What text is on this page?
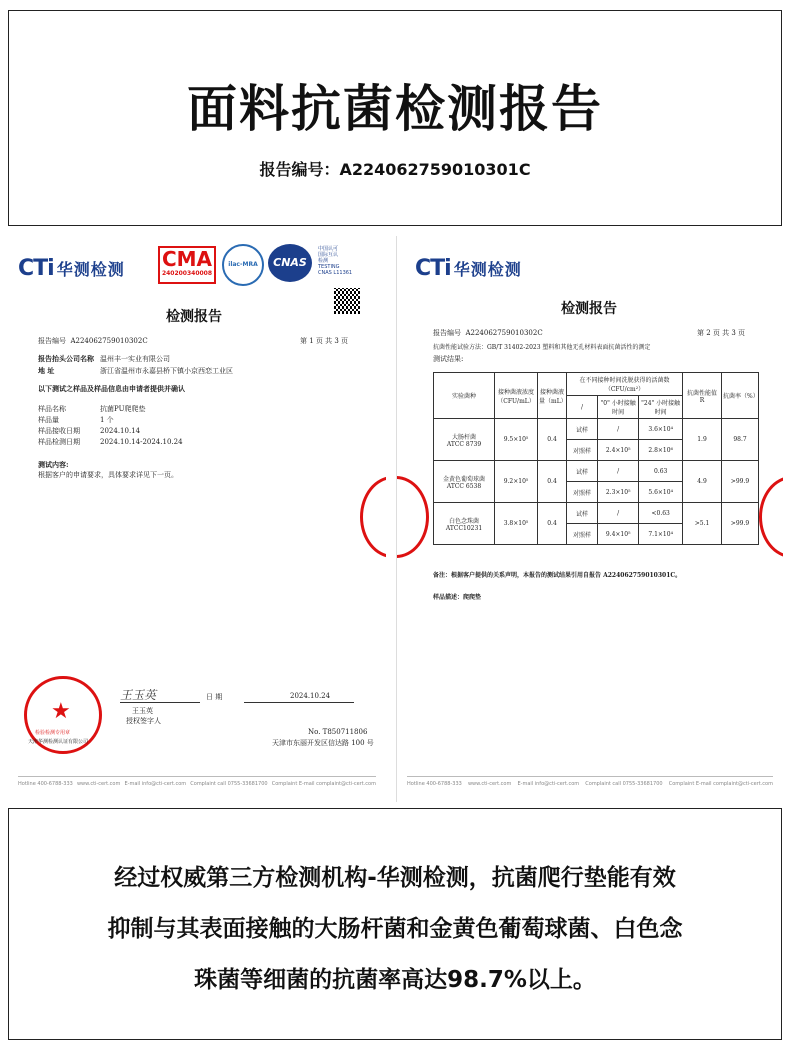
面料抗菌检测报告
报告编号：A224062759010301C
CTi 华测检测 CMA
240200340008
ilac-MRA	CNAS
中国认可
国际互认
检测
TESTING
CNAS L11361
检测报告
报告编号 A224062759010302C	第 1 页 共 3 页
报告抬头公司名称 温州丰一实业有限公司
地 址	浙江省温州市永嘉县桥下镇小京西恋工业区
以下测试之样品及样品信息由申请者提供并确认
样品名称	抗菌PU爬爬垫
样品量	1 个
样品接收日期	2024.10.14
样品检测日期	2024.10.14-2024.10.24
测试内容:
根据客户的申请要求，具体要求详见下一页。
王玉英	日 期	2024.10.24
王玉英
授权签字人
No. T850711806
天津市东丽开发区信达路 100 号
★
检验检测专用章
天津华测检测认证有限公司
Hotline 400-6788-333 www.cti-cert.com E-mail info@cti-cert.com Complaint call 0755-33681700 Complaint E-mail complaint@cti-cert.com
CTi 华测检测
检测报告
报告编号 A224062759010302C	第 2 页 共 3 页
抗菌性能试验方法：GB/T 31402-2023 塑料和其他无孔材料表面抗菌活性的测定
测试结果:
实验菌种	接种菌液浓度（CFU/mL）	接种菌液量（mL）	在不同接种时间洗脱获得的活菌数（CFU/cm²）			抗菌性能值 R	抗菌率（%）
			/	"0" 小时接触时间	"24" 小时接触时间		

大肠杆菌
ATCC 8739	9.5×10⁵	0.4	试样	/	3.6×10⁴	1.9	98.7
			对照样	2.4×10⁵	2.8×10⁶		

金黄色葡萄球菌
ATCC 6538	9.2×10⁵	0.4	试样	/	0.63	4.9	>99.9
			对照样	2.3×10⁵	5.6×10⁴		

白色念珠菌
ATCC10231	3.8×10⁵	0.4	试样	/	<0.63	>5.1	>99.9
			对照样	9.4×10⁵	7.1×10⁴		
备注：根据客户提供的关系声明，本报告的测试结果引用自报告 A224062759010301C。
样品描述：爬爬垫
Hotline 400-6788-333 www.cti-cert.com E-mail info@cti-cert.com Complaint call 0755-33681700 Complaint E-mail complaint@cti-cert.com
经过权威第三方检测机构-华测检测，抗菌爬行垫能有效
抑制与其表面接触的大肠杆菌和金黄色葡萄球菌、白色念
珠菌等细菌的抗菌率高达98.7%以上。
